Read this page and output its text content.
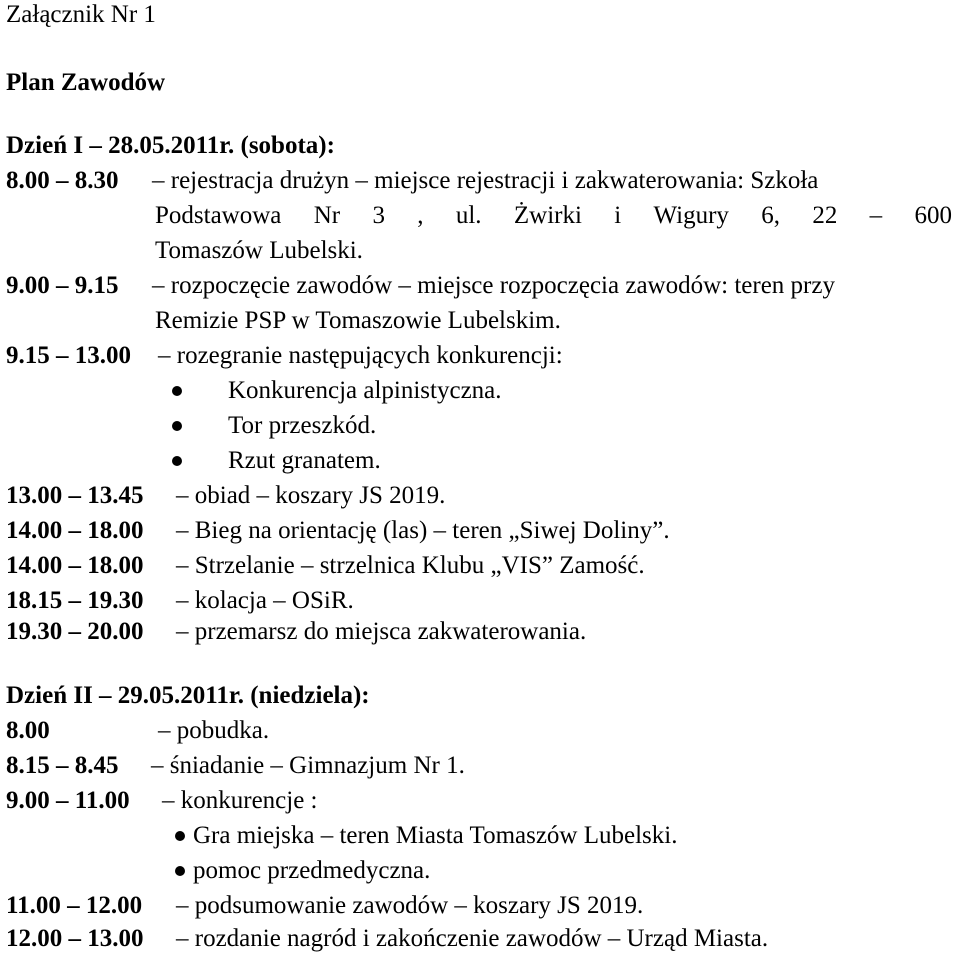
Załącznik Nr 1
Plan Zawodów
Dzień I – 28.05.2011r. (sobota):
8.00 – 8.30 – rejestracja drużyn – miejsce rejestracji i zakwaterowania: Szkoła
Podstawowa Nr 3 , ul. Żwirki i Wigury 6, 22 – 600
Tomaszów Lubelski.
9.00 – 9.15 – rozpoczęcie zawodów – miejsce rozpoczęcia zawodów: teren przy
Remizie PSP w Tomaszowie Lubelskim.
9.15 – 13.00 – rozegranie następujących konkurencji:
Konkurencja alpinistyczna.
Tor przeszkód.
Rzut granatem.
13.00 – 13.45 – obiad – koszary JS 2019.
14.00 – 18.00 – Bieg na orientację (las) – teren „Siwej Doliny”.
14.00 – 18.00 – Strzelanie – strzelnica Klubu „VIS” Zamość.
18.15 – 19.30 – kolacja – OSiR.
19.30 – 20.00 – przemarsz do miejsca zakwaterowania.
Dzień II – 29.05.2011r. (niedziela):
8.00	– pobudka.
8.15 – 8.45 – śniadanie – Gimnazjum Nr 1.
9.00 – 11.00 – konkurencje :
Gra miejska – teren Miasta Tomaszów Lubelski.
pomoc przedmedyczna.
11.00 – 12.00 – podsumowanie zawodów – koszary JS 2019.
12.00 – 13.00 – rozdanie nagród i zakończenie zawodów – Urząd Miasta.
